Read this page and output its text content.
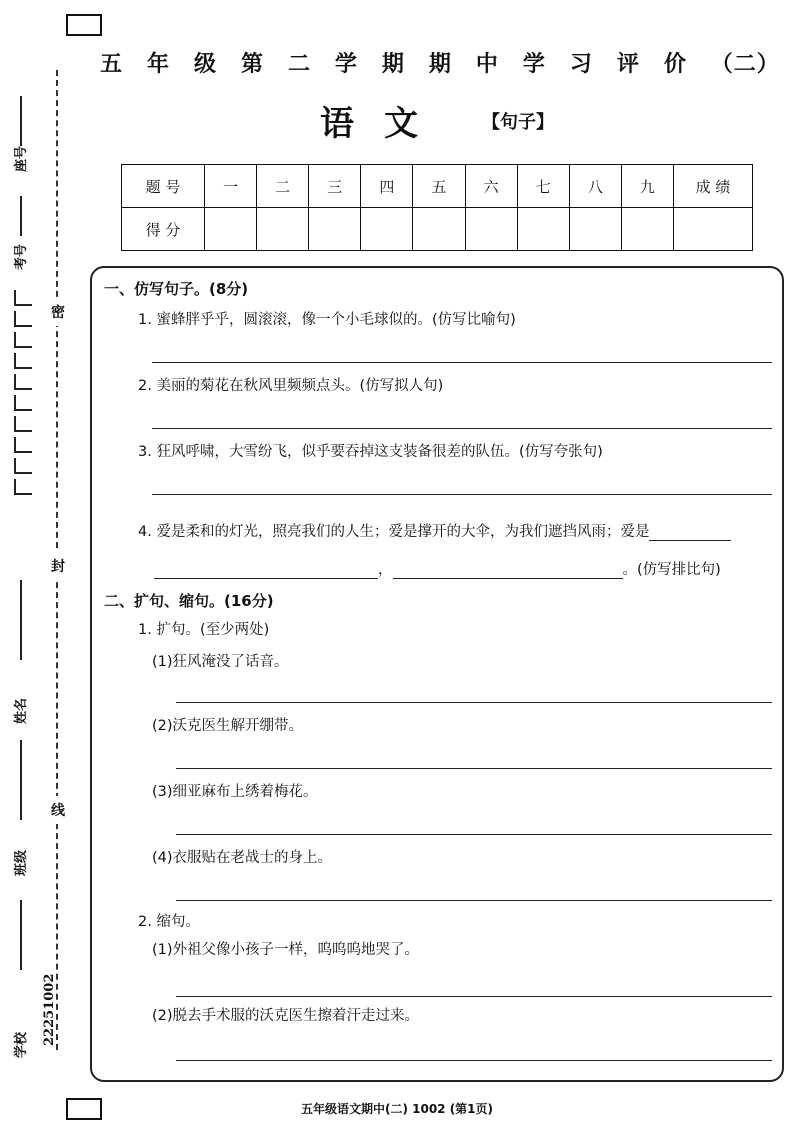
五 年 级 第 二 学 期 期 中 学 习 评 价 （二）
语文 【句子】
题 号	一	二	三	四	五	六	七	八	九	成 绩
得 分										
密
封
线
座号
考号
姓名
班级
学校 22251002
一、仿写句子。(8分)
1. 蜜蜂胖乎乎，圆滚滚，像一个小毛球似的。(仿写比喻句)
2. 美丽的菊花在秋风里频频点头。(仿写拟人句)
3. 狂风呼啸，大雪纷飞，似乎要吞掉这支装备很差的队伍。(仿写夸张句)
4. 爱是柔和的灯光，照亮我们的人生；爱是撑开的大伞，为我们遮挡风雨；爱是
，	。(仿写排比句)
二、扩句、缩句。(16分)
1. 扩句。(至少两处)
(1)狂风淹没了话音。
(2)沃克医生解开绷带。
(3)细亚麻布上绣着梅花。
(4)衣服贴在老战士的身上。
2. 缩句。
(1)外祖父像小孩子一样，呜呜呜地哭了。
(2)脱去手术服的沃克医生擦着汗走过来。
五年级语文期中(二) 1002 (第1页)
